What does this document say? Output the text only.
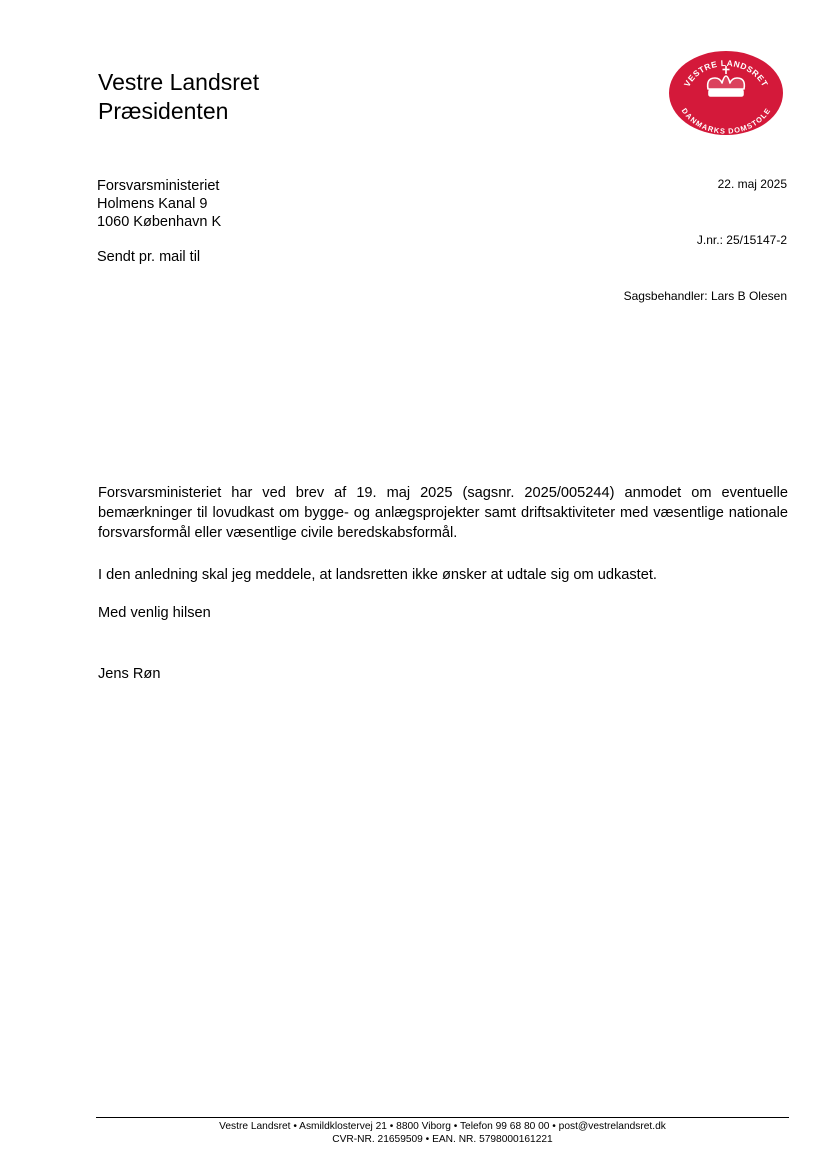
Vestre Landsret
Præsidenten
VESTRE LANDSRET
DANMARKS DOMSTOLE
Forsvarsministeriet
Holmens Kanal 9
1060 København K
Sendt pr. mail til
22. maj 2025
J.nr.: 25/15147-2
Sagsbehandler: Lars B Olesen
Forsvarsministeriet har ved brev af 19. maj 2025 (sagsnr. 2025/005244) anmodet om eventuelle bemærkninger til lovudkast om bygge- og anlægsprojekter samt driftsaktiviteter med væsentlige nationale forsvarsformål eller væsentlige civile beredskabsformål.
I den anledning skal jeg meddele, at landsretten ikke ønsker at udtale sig om udkastet.
Med venlig hilsen
Jens Røn
Vestre Landsret • Asmildklostervej 21 • 8800 Viborg • Telefon 99 68 80 00 • post@vestrelandsret.dk
CVR-NR. 21659509 • EAN. NR. 5798000161221
